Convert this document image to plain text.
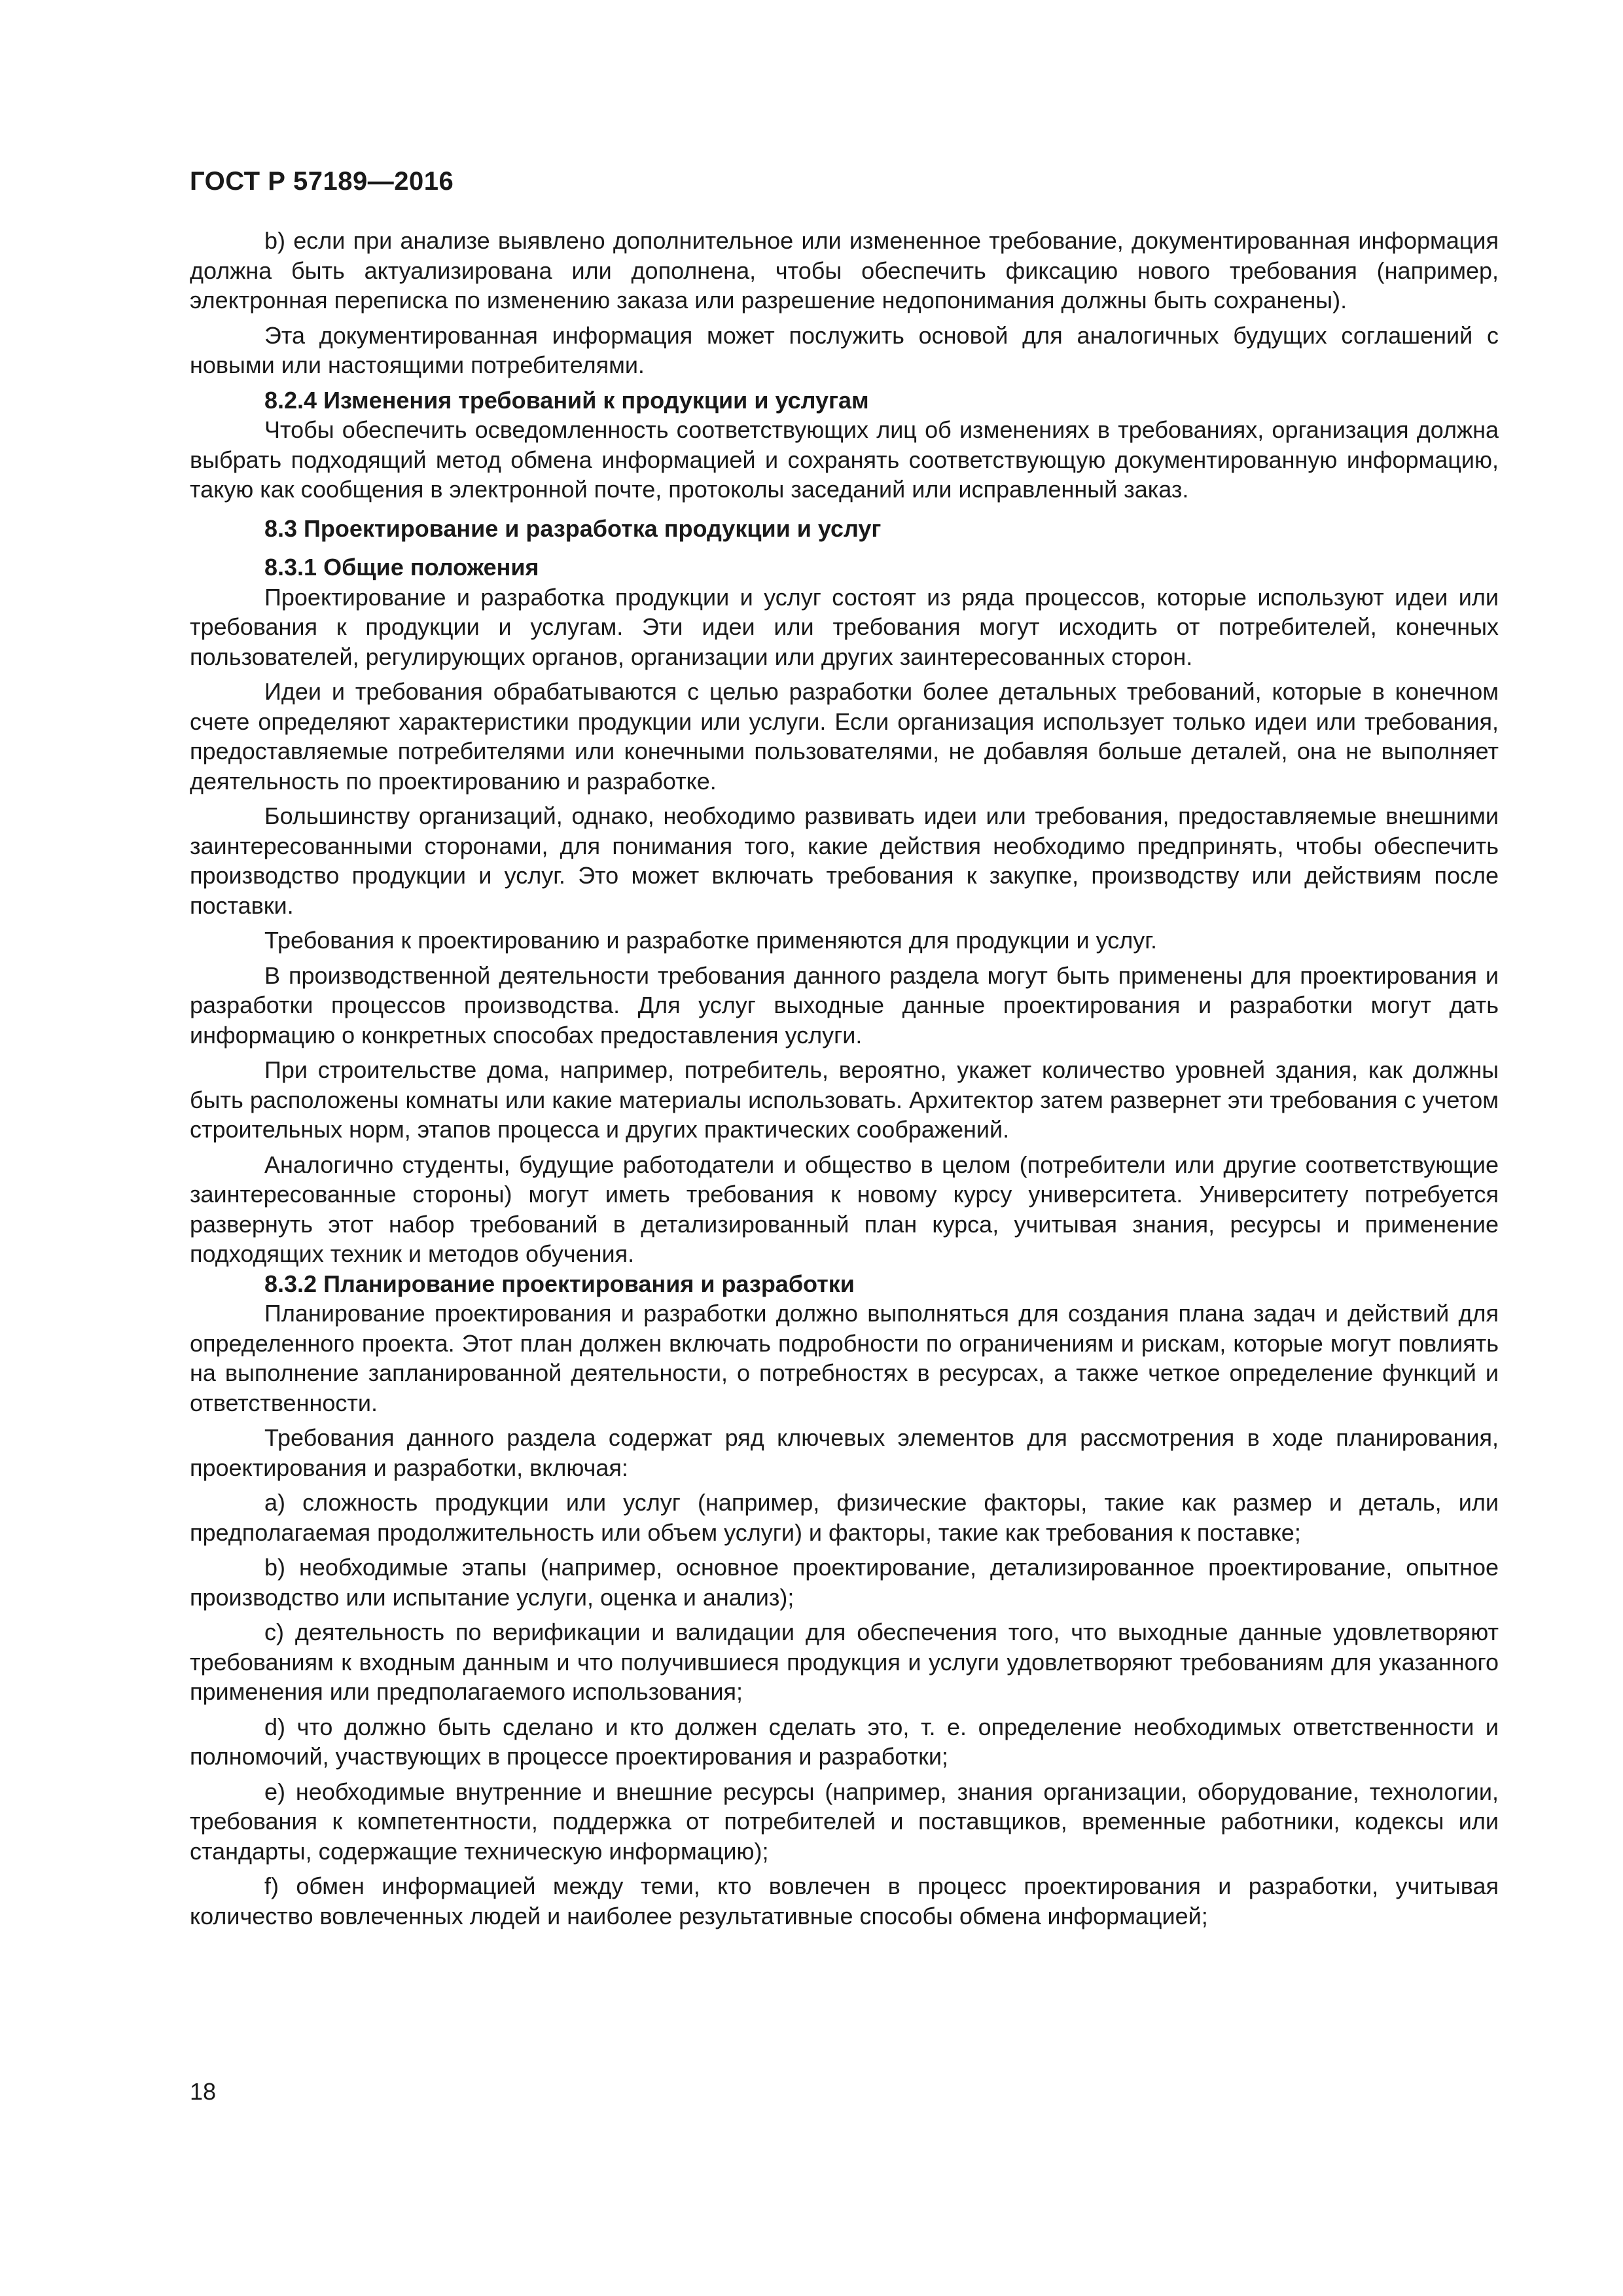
ГОСТ Р 57189—2016

b) если при анализе выявлено дополнительное или измененное требование, документированная информация должна быть актуализирована или дополнена, чтобы обеспечить фиксацию нового требования (например, электронная переписка по изменению заказа или разрешение недопонимания должны быть сохранены).

Эта документированная информация может послужить основой для аналогичных будущих соглашений с новыми или настоящими потребителями.

8.2.4 Изменения требований к продукции и услугам

Чтобы обеспечить осведомленность соответствующих лиц об изменениях в требованиях, организация должна выбрать подходящий метод обмена информацией и сохранять соответствующую документированную информацию, такую как сообщения в электронной почте, протоколы заседаний или исправленный заказ.

8.3 Проектирование и разработка продукции и услуг

8.3.1 Общие положения

Проектирование и разработка продукции и услуг состоят из ряда процессов, которые используют идеи или требования к продукции и услугам. Эти идеи или требования могут исходить от потребителей, конечных пользователей, регулирующих органов, организации или других заинтересованных сторон.

Идеи и требования обрабатываются с целью разработки более детальных требований, которые в конечном счете определяют характеристики продукции или услуги. Если организация использует только идеи или требования, предоставляемые потребителями или конечными пользователями, не добавляя больше деталей, она не выполняет деятельность по проектированию и разработке.

Большинству организаций, однако, необходимо развивать идеи или требования, предоставляемые внешними заинтересованными сторонами, для понимания того, какие действия необходимо предпринять, чтобы обеспечить производство продукции и услуг. Это может включать требования к закупке, производству или действиям после поставки.

Требования к проектированию и разработке применяются для продукции и услуг.

В производственной деятельности требования данного раздела могут быть применены для проектирования и разработки процессов производства. Для услуг выходные данные проектирования и разработки могут дать информацию о конкретных способах предоставления услуги.

При строительстве дома, например, потребитель, вероятно, укажет количество уровней здания, как должны быть расположены комнаты или какие материалы использовать. Архитектор затем развернет эти требования с учетом строительных норм, этапов процесса и других практических соображений.

Аналогично студенты, будущие работодатели и общество в целом (потребители или другие соответствующие заинтересованные стороны) могут иметь требования к новому курсу университета. Университету потребуется развернуть этот набор требований в детализированный план курса, учитывая знания, ресурсы и применение подходящих техник и методов обучения.

8.3.2 Планирование проектирования и разработки

Планирование проектирования и разработки должно выполняться для создания плана задач и действий для определенного проекта. Этот план должен включать подробности по ограничениям и рискам, которые могут повлиять на выполнение запланированной деятельности, о потребностях в ресурсах, а также четкое определение функций и ответственности.

Требования данного раздела содержат ряд ключевых элементов для рассмотрения в ходе планирования, проектирования и разработки, включая:

a) сложность продукции или услуг (например, физические факторы, такие как размер и деталь, или предполагаемая продолжительность или объем услуги) и факторы, такие как требования к поставке;

b) необходимые этапы (например, основное проектирование, детализированное проектирование, опытное производство или испытание услуги, оценка и анализ);

c) деятельность по верификации и валидации для обеспечения того, что выходные данные удовлетворяют требованиям к входным данным и что получившиеся продукция и услуги удовлетворяют требованиям для указанного применения или предполагаемого использования;

d) что должно быть сделано и кто должен сделать это, т. е. определение необходимых ответственности и полномочий, участвующих в процессе проектирования и разработки;

e) необходимые внутренние и внешние ресурсы (например, знания организации, оборудование, технологии, требования к компетентности, поддержка от потребителей и поставщиков, временные работники, кодексы или стандарты, содержащие техническую информацию);

f) обмен информацией между теми, кто вовлечен в процесс проектирования и разработки, учитывая количество вовлеченных людей и наиболее результативные способы обмена информацией;

18
